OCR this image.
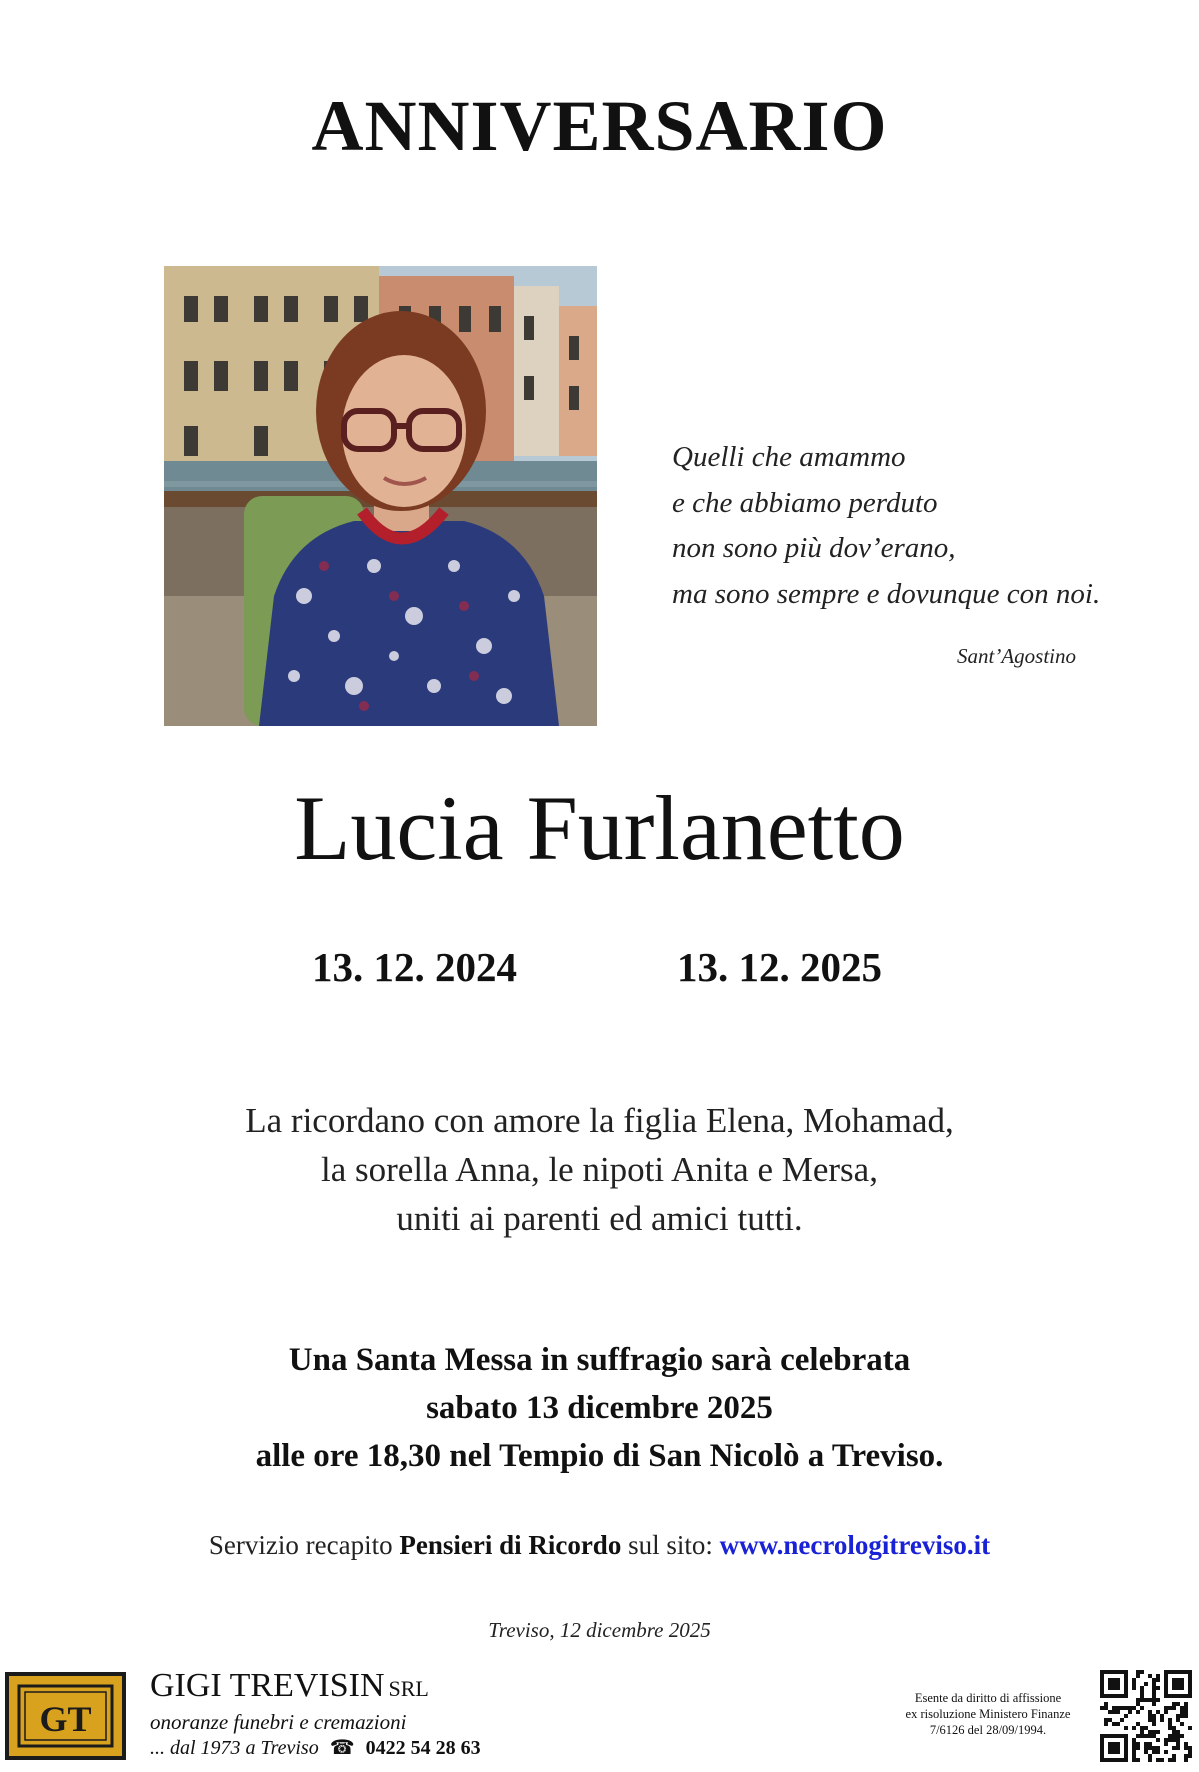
ANNIVERSARIO
Quelli che amammo
e che abbiamo perduto
non sono più dov’erano,
ma sono sempre e dovunque con noi.
Sant’Agostino
Lucia Furlanetto
13. 12. 2024	13. 12. 2025
La ricordano con amore la figlia Elena, Mohamad,
la sorella Anna, le nipoti Anita e Mersa,
uniti ai parenti ed amici tutti.
Una Santa Messa in suffragio sarà celebrata
sabato 13 dicembre 2025
alle ore 18,30 nel Tempio di San Nicolò a Treviso.
Servizio recapito Pensieri di Ricordo sul sito: www.necrologitreviso.it
Treviso, 12 dicembre 2025
GT
GIGI TREVISIN SRL
onoranze funebri e cremazioni
... dal 1973 a Treviso ☎ 0422 54 28 63
Esente da diritto di affissione
ex risoluzione Ministero Finanze
7/6126 del 28/09/1994.
